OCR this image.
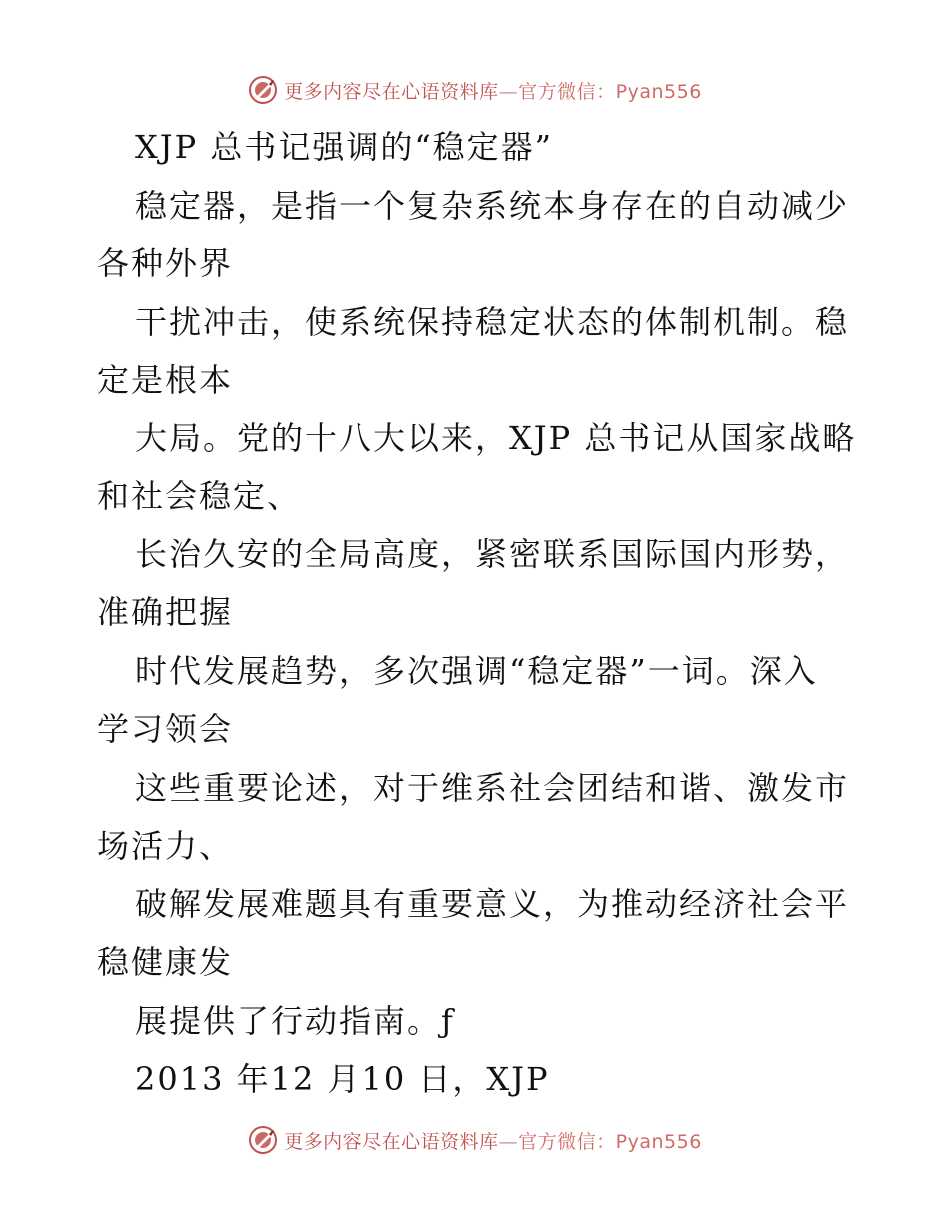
更多内容尽在心语资料库—官方微信：Pyan556
XJP 总书记强调的“稳定器”
稳定器，是指一个复杂系统本身存在的自动减少
各种外界
干扰冲击，使系统保持稳定状态的体制机制。稳
定是根本
大局。党的十八大以来，XJP 总书记从国家战略
和社会稳定、
长治久安的全局高度，紧密联系国际国内形势，
准确把握
时代发展趋势，多次强调“稳定器”一词。深入
学习领会
这些重要论述，对于维系社会团结和谐、激发市
场活力、
破解发展难题具有重要意义，为推动经济社会平
稳健康发
展提供了行动指南。ƒ
2013 年12 月10 日，XJP
更多内容尽在心语资料库—官方微信：Pyan556
